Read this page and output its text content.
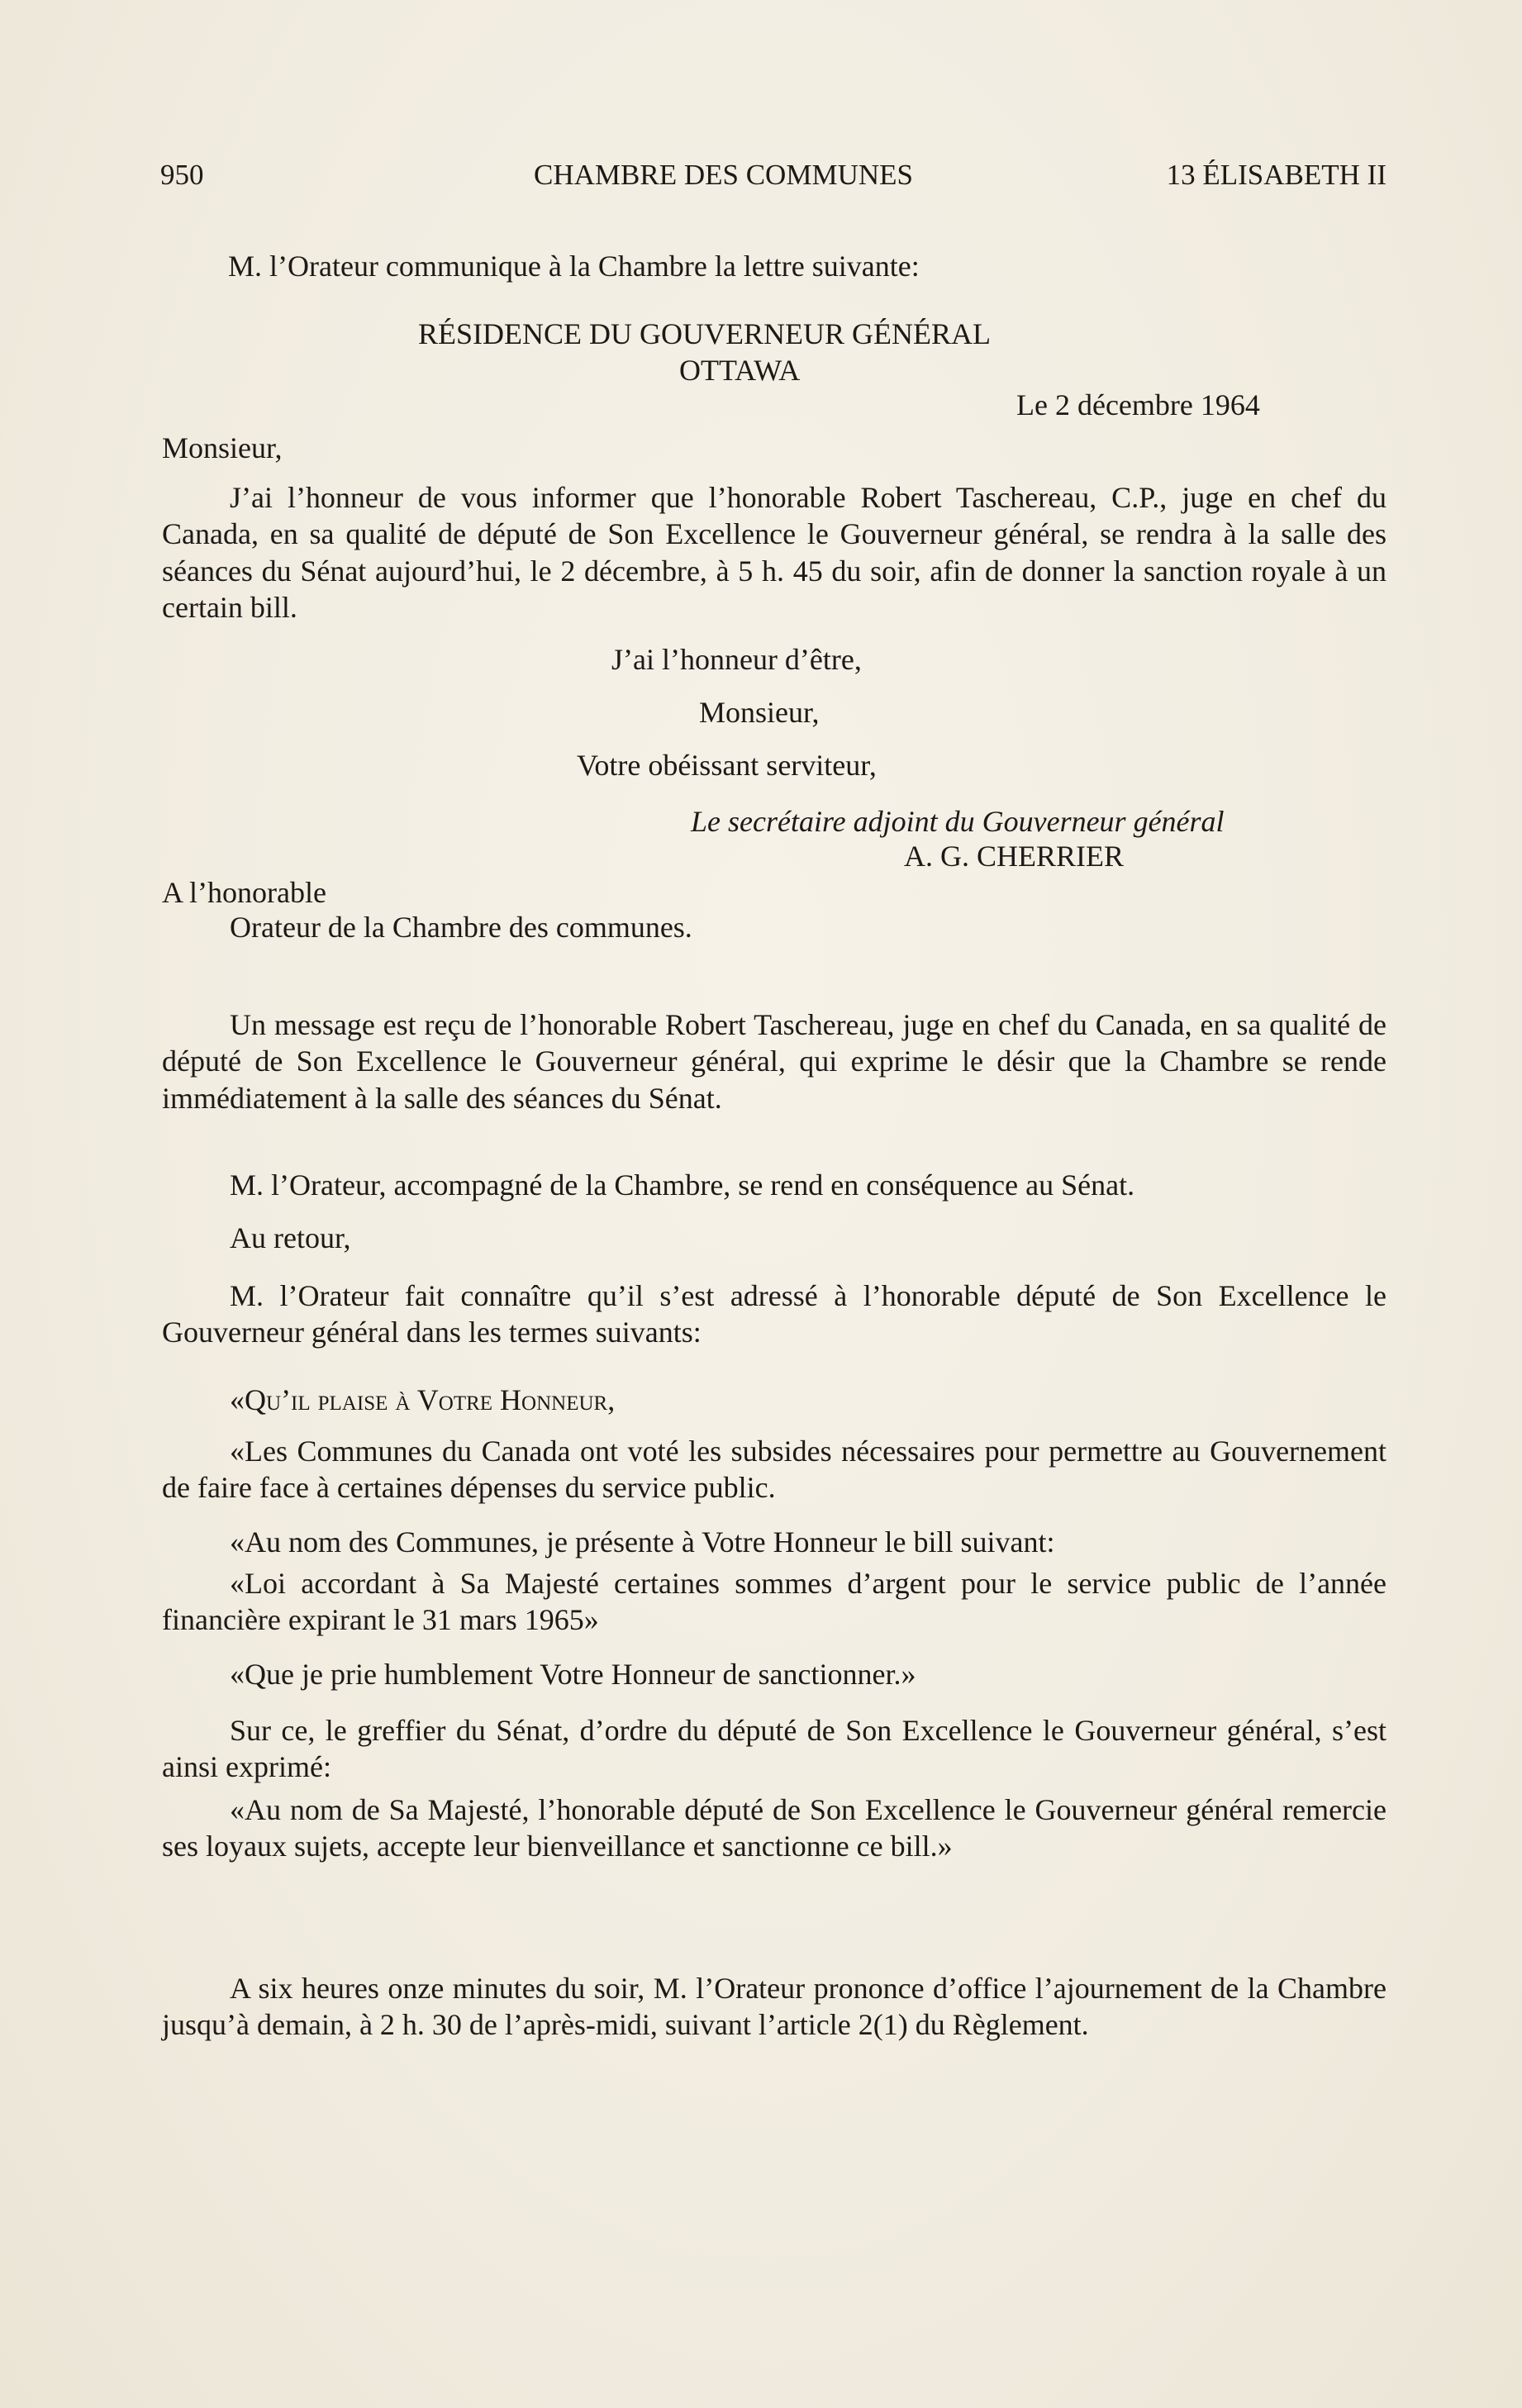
950	CHAMBRE DES COMMUNES	13 ÉLISABETH II
M. l’Orateur communique à la Chambre la lettre suivante:
RÉSIDENCE DU GOUVERNEUR GÉNÉRAL
OTTAWA
Le 2 décembre 1964
Monsieur,
J’ai l’honneur de vous informer que l’honorable Robert Taschereau, C.P., juge en chef du Canada, en sa qualité de député de Son Excellence le Gouverneur général, se rendra à la salle des séances du Sénat aujourd’hui, le 2 décembre, à 5 h. 45 du soir, afin de donner la sanction royale à un certain bill.
J’ai l’honneur d’être,
Monsieur,
Votre obéissant serviteur,
Le secrétaire adjoint du Gouverneur général
A. G. CHERRIER
A l’honorable
Orateur de la Chambre des communes.
Un message est reçu de l’honorable Robert Taschereau, juge en chef du Canada, en sa qualité de député de Son Excellence le Gouverneur général, qui exprime le désir que la Chambre se rende immédiatement à la salle des séances du Sénat.
M. l’Orateur, accompagné de la Chambre, se rend en conséquence au Sénat.
Au retour,
M. l’Orateur fait connaître qu’il s’est adressé à l’honorable député de Son Excellence le Gouverneur général dans les termes suivants:
«Qu’il plaise à Votre Honneur,
«Les Communes du Canada ont voté les subsides nécessaires pour permettre au Gouvernement de faire face à certaines dépenses du service public.
«Au nom des Communes, je présente à Votre Honneur le bill suivant:
«Loi accordant à Sa Majesté certaines sommes d’argent pour le service public de l’année financière expirant le 31 mars 1965»
«Que je prie humblement Votre Honneur de sanctionner.»
Sur ce, le greffier du Sénat, d’ordre du député de Son Excellence le Gouverneur général, s’est ainsi exprimé:
«Au nom de Sa Majesté, l’honorable député de Son Excellence le Gouverneur général remercie ses loyaux sujets, accepte leur bienveillance et sanctionne ce bill.»
A six heures onze minutes du soir, M. l’Orateur prononce d’office l’ajournement de la Chambre jusqu’à demain, à 2 h. 30 de l’après-midi, suivant l’article 2(1) du Règlement.
